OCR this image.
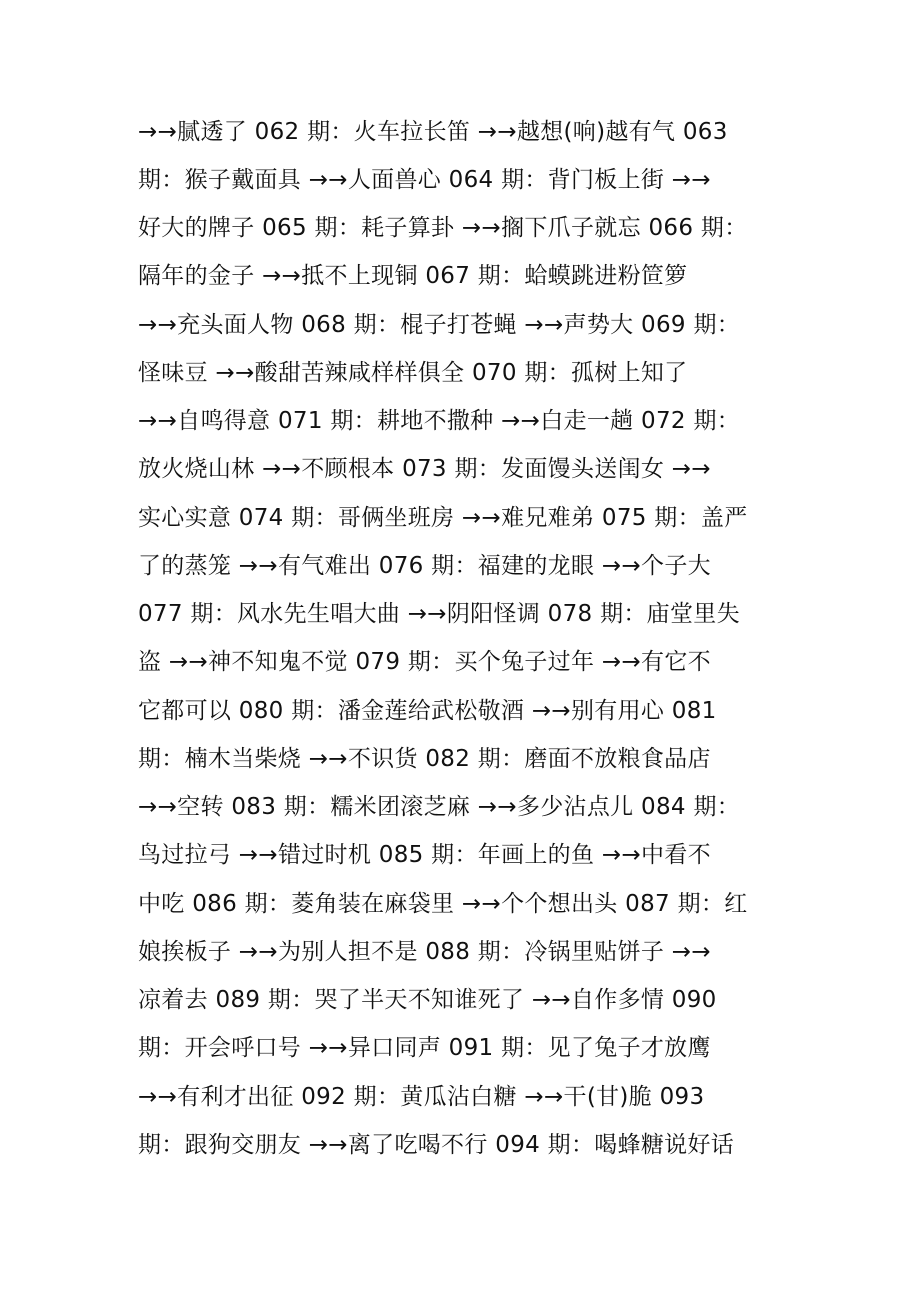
→→腻透了 062 期：火车拉长笛 →→越想(响)越有气 063
期：猴子戴面具 →→人面兽心 064 期：背门板上街 →→
好大的牌子 065 期：耗子算卦 →→搁下爪子就忘 066 期：
隔年的金子 →→抵不上现铜 067 期：蛤蟆跳进粉笸箩
→→充头面人物 068 期：棍子打苍蝇 →→声势大 069 期：
怪味豆 →→酸甜苦辣咸样样俱全 070 期：孤树上知了
→→自鸣得意 071 期：耕地不撒种 →→白走一趟 072 期：
放火烧山林 →→不顾根本 073 期：发面馒头送闺女 →→
实心实意 074 期：哥俩坐班房 →→难兄难弟 075 期：盖严
了的蒸笼 →→有气难出 076 期：福建的龙眼 →→个子大
077 期：风水先生唱大曲 →→阴阳怪调 078 期：庙堂里失
盗 →→神不知鬼不觉 079 期：买个兔子过年 →→有它不
它都可以 080 期：潘金莲给武松敬酒 →→别有用心 081
期：楠木当柴烧 →→不识货 082 期：磨面不放粮食品店
→→空转 083 期：糯米团滚芝麻 →→多少沾点儿 084 期：
鸟过拉弓 →→错过时机 085 期：年画上的鱼 →→中看不
中吃 086 期：菱角装在麻袋里 →→个个想出头 087 期：红
娘挨板子 →→为别人担不是 088 期：冷锅里贴饼子 →→
凉着去 089 期：哭了半天不知谁死了 →→自作多情 090
期：开会呼口号 →→异口同声 091 期：见了兔子才放鹰
→→有利才出征 092 期：黄瓜沾白糖 →→干(甘)脆 093
期：跟狗交朋友 →→离了吃喝不行 094 期：喝蜂糖说好话
